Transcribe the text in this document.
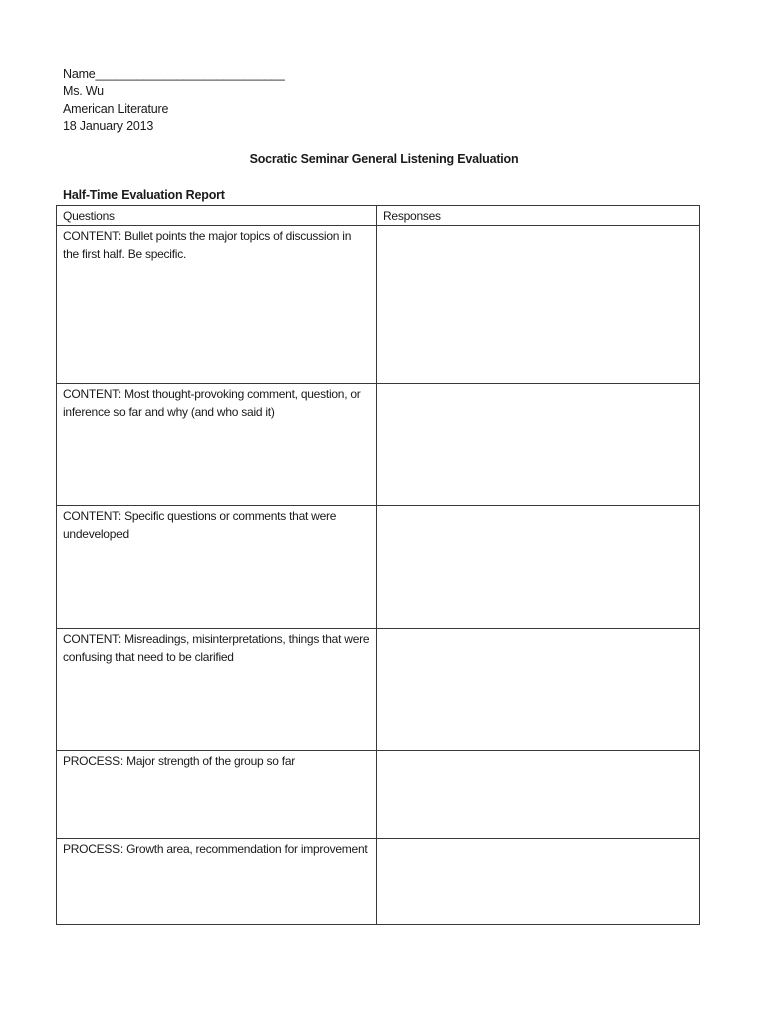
Name____________________________
Ms. Wu
American Literature
18 January 2013
Socratic Seminar General Listening Evaluation
Half-Time Evaluation Report
Questions	Responses
CONTENT: Bullet points the major topics of discussion in the first half. Be specific.	
CONTENT: Most thought-provoking comment, question, or inference so far and why (and who said it)	
CONTENT: Specific questions or comments that were undeveloped	
CONTENT: Misreadings, misinterpretations, things that were confusing that need to be clarified	
PROCESS: Major strength of the group so far	
PROCESS: Growth area, recommendation for improvement	
